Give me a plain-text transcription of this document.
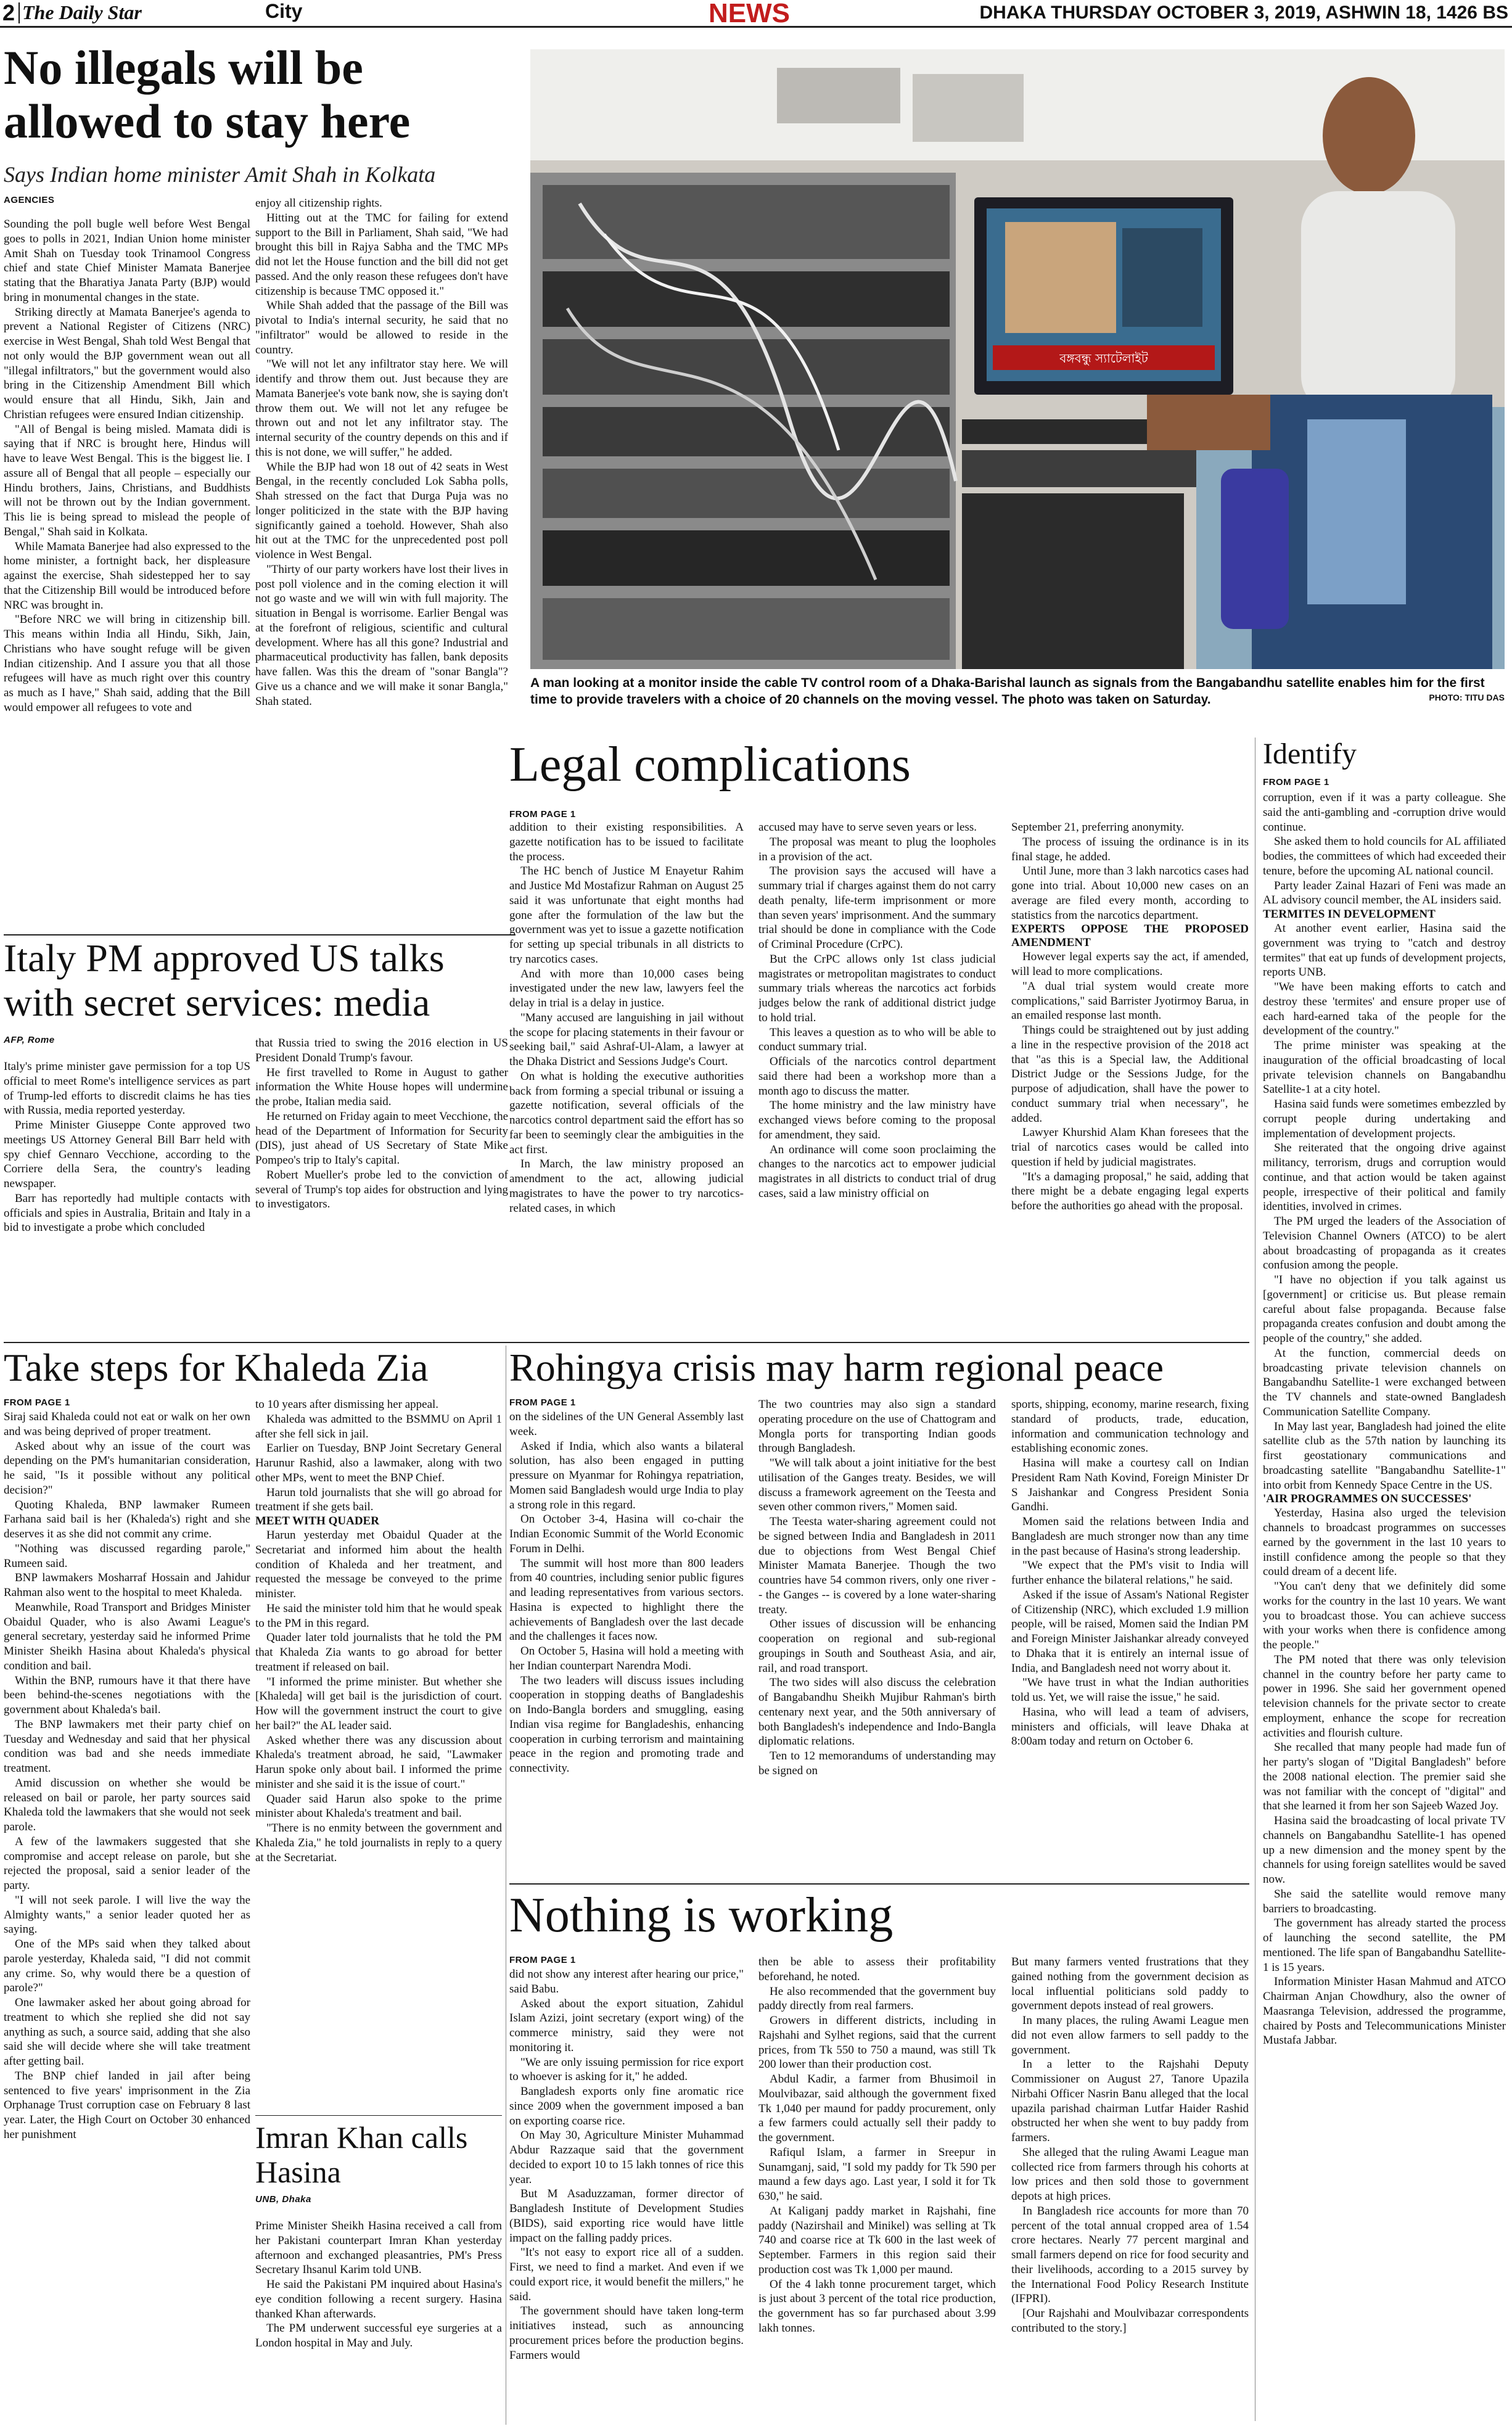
2 The Daily Star	City	NEWS	DHAKA THURSDAY OCTOBER 3, 2019, ASHWIN 18, 1426 BS
No illegals will be allowed to stay here
Says Indian home minister Amit Shah in Kolkata
AGENCIES

Sounding the poll bugle well before West Bengal goes to polls in 2021, Indian Union home minister Amit Shah on Tuesday took Trinamool Congress chief and state Chief Minister Mamata Banerjee stating that the Bharatiya Janata Party (BJP) would bring in monumental changes in the state.

Striking directly at Mamata Banerjee's agenda to prevent a National Register of Citizens (NRC) exercise in West Bengal, Shah told West Bengal that not only would the BJP government wean out all "illegal infiltrators," but the government would also bring in the Citizenship Amendment Bill which would ensure that all Hindu, Sikh, Jain and Christian refugees were ensured Indian citizenship.

"All of Bengal is being misled. Mamata didi is saying that if NRC is brought here, Hindus will have to leave West Bengal. This is the biggest lie. I assure all of Bengal that all people – especially our Hindu brothers, Jains, Christians, and Buddhists will not be thrown out by the Indian government. This lie is being spread to mislead the people of Bengal," Shah said in Kolkata.

While Mamata Banerjee had also expressed to the home minister, a fortnight back, her displeasure against the exercise, Shah sidestepped her to say that the Citizenship Bill would be introduced before NRC was brought in.

"Before NRC we will bring in citizenship bill. This means within India all Hindu, Sikh, Jain, Christians who have sought refuge will be given Indian citizenship. And I assure you that all those refugees will have as much right over this country as much as I have," Shah said, adding that the Bill would empower all refugees to vote and

enjoy all citizenship rights.

Hitting out at the TMC for failing for extend support to the Bill in Parliament, Shah said, "We had brought this bill in Rajya Sabha and the TMC MPs did not let the House function and the bill did not get passed. And the only reason these refugees don't have citizenship is because TMC opposed it."

While Shah added that the passage of the Bill was pivotal to India's internal security, he said that no "infiltrator" would be allowed to reside in the country.

"We will not let any infiltrator stay here. We will identify and throw them out. Just because they are Mamata Banerjee's vote bank now, she is saying don't throw them out. We will not let any refugee be thrown out and not let any infiltrator stay. The internal security of the country depends on this and if this is not done, we will suffer," he added.

While the BJP had won 18 out of 42 seats in West Bengal, in the recently concluded Lok Sabha polls, Shah stressed on the fact that Durga Puja was no longer politicized in the state with the BJP having significantly gained a toehold. However, Shah also hit out at the TMC for the unprecedented post poll violence in West Bengal.

"Thirty of our party workers have lost their lives in post poll violence and in the coming election it will not go waste and we will win with full majority. The situation in Bengal is worrisome. Earlier Bengal was at the forefront of religious, scientific and cultural development. Where has all this gone? Industrial and pharmaceutical productivity has fallen, bank deposits have fallen. Was this the dream of "sonar Bangla"? Give us a chance and we will make it sonar Bangla," Shah stated.

Italy PM approved US talks with secret services: media
AFP, Rome

Italy's prime minister gave permission for a top US official to meet Rome's intelligence services as part of Trump-led efforts to discredit claims he has ties with Russia, media reported yesterday.

Prime Minister Giuseppe Conte approved two meetings US Attorney General Bill Barr held with spy chief Gennaro Vecchione, according to the Corriere della Sera, the country's leading newspaper.

Barr has reportedly had multiple contacts with officials and spies in Australia, Britain and Italy in a bid to investigate a probe which concluded

that Russia tried to swing the 2016 election in US President Donald Trump's favour.

He first travelled to Rome in August to gather information the White House hopes will undermine the probe, Italian media said.

He returned on Friday again to meet Vecchione, the head of the Department of Information for Security (DIS), just ahead of US Secretary of State Mike Pompeo's trip to Italy's capital.

Robert Mueller's probe led to the conviction of several of Trump's top aides for obstruction and lying to investigators.

বঙ্গবন্ধু স্যাটেলাইট
A man looking at a monitor inside the cable TV control room of a Dhaka-Barishal launch as signals from the Bangabandhu satellite enables him for the first time to provide travelers with a choice of 20 channels on the moving vessel. The photo was taken on Saturday.	PHOTO: TITU DAS
Legal complications
FROM PAGE 1

addition to their existing responsibilities. A gazette notification has to be issued to facilitate the process.

The HC bench of Justice M Enayetur Rahim and Justice Md Mostafizur Rahman on August 25 said it was unfortunate that eight months had gone after the formulation of the law but the government was yet to issue a gazette notification for setting up special tribunals in all districts to try narcotics cases.

And with more than 10,000 cases being investigated under the new law, lawyers feel the delay in trial is a delay in justice.

"Many accused are languishing in jail without the scope for placing statements in their favour or seeking bail," said Ashraf-Ul-Alam, a lawyer at the Dhaka District and Sessions Judge's Court.

On what is holding the executive authorities back from forming a special tribunal or issuing a gazette notification, several officials of the narcotics control department said the effort has so far been to seemingly clear the ambiguities in the act first.

In March, the law ministry proposed an amendment to the act, allowing judicial magistrates to have the power to try narcotics-related cases, in which

accused may have to serve seven years or less.

The proposal was meant to plug the loopholes in a provision of the act.

The provision says the accused will have a summary trial if charges against them do not carry death penalty, life-term imprisonment or more than seven years' imprisonment. And the summary trial should be done in compliance with the Code of Criminal Procedure (CrPC).

But the CrPC allows only 1st class judicial magistrates or metropolitan magistrates to conduct summary trials whereas the narcotics act forbids judges below the rank of additional district judge to hold trial.

This leaves a question as to who will be able to conduct summary trial.

Officials of the narcotics control department said there had been a workshop more than a month ago to discuss the matter.

The home ministry and the law ministry have exchanged views before coming to the proposal for amendment, they said.

An ordinance will come soon proclaiming the changes to the narcotics act to empower judicial magistrates in all districts to conduct trial of drug cases, said a law ministry official on

September 21, preferring anonymity.

The process of issuing the ordinance is in its final stage, he added.

Until June, more than 3 lakh narcotics cases had gone into trial. About 10,000 new cases on an average are filed every month, according to statistics from the narcotics department.

EXPERTS OPPOSE THE PROPOSED AMENDMENT

However legal experts say the act, if amended, will lead to more complications.

"A dual trial system would create more complications," said Barrister Jyotirmoy Barua, in an emailed response last month.

Things could be straightened out by just adding a line in the respective provision of the 2018 act that "as this is a Special law, the Additional District Judge or the Sessions Judge, for the purpose of adjudication, shall have the power to conduct summary trial when necessary", he added.

Lawyer Khurshid Alam Khan foresees that the trial of narcotics cases would be called into question if held by judicial magistrates.

"It's a damaging proposal," he said, adding that there might be a debate engaging legal experts before the authorities go ahead with the proposal.

Identify
FROM PAGE 1

corruption, even if it was a party colleague. She said the anti-gambling and -corruption drive would continue.

She asked them to hold councils for AL affiliated bodies, the committees of which had exceeded their tenure, before the upcoming AL national council.

Party leader Zainal Hazari of Feni was made an AL advisory council member, the AL insiders said.

TERMITES IN DEVELOPMENT

At another event earlier, Hasina said the government was trying to "catch and destroy termites" that eat up funds of development projects, reports UNB.

"We have been making efforts to catch and destroy these 'termites' and ensure proper use of each hard-earned taka of the people for the development of the country."

The prime minister was speaking at the inauguration of the official broadcasting of local private television channels on Bangabandhu Satellite-1 at a city hotel.

Hasina said funds were sometimes embezzled by corrupt people during undertaking and implementation of development projects.

She reiterated that the ongoing drive against militancy, terrorism, drugs and corruption would continue, and that action would be taken against people, irrespective of their political and family identities, involved in crimes.

The PM urged the leaders of the Association of Television Channel Owners (ATCO) to be alert about broadcasting of propaganda as it creates confusion among the people.

"I have no objection if you talk against us [government] or criticise us. But please remain careful about false propaganda. Because false propaganda creates confusion and doubt among the people of the country," she added.

At the function, commercial deeds on broadcasting private television channels on Bangabandhu Satellite-1 were exchanged between the TV channels and state-owned Bangladesh Communication Satellite Company.

In May last year, Bangladesh had joined the elite satellite club as the 57th nation by launching its first geostationary communications and broadcasting satellite "Bangabandhu Satellite-1" into orbit from Kennedy Space Centre in the US.

'AIR PROGRAMMES ON SUCCESSES'

Yesterday, Hasina also urged the television channels to broadcast programmes on successes earned by the government in the last 10 years to instill confidence among the people so that they could dream of a decent life.

"You can't deny that we definitely did some works for the country in the last 10 years. We want you to broadcast those. You can achieve success with your works when there is confidence among the people."

The PM noted that there was only television channel in the country before her party came to power in 1996. She said her government opened television channels for the private sector to create employment, enhance the scope for recreation activities and flourish culture.

She recalled that many people had made fun of her party's slogan of "Digital Bangladesh" before the 2008 national election. The premier said she was not familiar with the concept of "digital" and that she learned it from her son Sajeeb Wazed Joy.

Hasina said the broadcasting of local private TV channels on Bangabandhu Satellite-1 has opened up a new dimension and the money spent by the channels for using foreign satellites would be saved now.

She said the satellite would remove many barriers to broadcasting.

The government has already started the process of launching the second satellite, the PM mentioned. The life span of Bangabandhu Satellite-1 is 15 years.

Information Minister Hasan Mahmud and ATCO Chairman Anjan Chowdhury, also the owner of Maasranga Television, addressed the programme, chaired by Posts and Telecommunications Minister Mustafa Jabbar.

Take steps for Khaleda Zia
FROM PAGE 1

Siraj said Khaleda could not eat or walk on her own and was being deprived of proper treatment.

Asked about why an issue of the court was depending on the PM's humanitarian consideration, he said, "Is it possible without any political decision?"

Quoting Khaleda, BNP lawmaker Rumeen Farhana said bail is her (Khaleda's) right and she deserves it as she did not commit any crime.

"Nothing was discussed regarding parole," Rumeen said.

BNP lawmakers Mosharraf Hossain and Jahidur Rahman also went to the hospital to meet Khaleda.

Meanwhile, Road Transport and Bridges Minister Obaidul Quader, who is also Awami League's general secretary, yesterday said he informed Prime Minister Sheikh Hasina about Khaleda's physical condition and bail.

Within the BNP, rumours have it that there have been behind-the-scenes negotiations with the government about Khaleda's bail.

The BNP lawmakers met their party chief on Tuesday and Wednesday and said that her physical condition was bad and she needs immediate treatment.

Amid discussion on whether she would be released on bail or parole, her party sources said Khaleda told the lawmakers that she would not seek parole.

A few of the lawmakers suggested that she compromise and accept release on parole, but she rejected the proposal, said a senior leader of the party.

"I will not seek parole. I will live the way the Almighty wants," a senior leader quoted her as saying.

One of the MPs said when they talked about parole yesterday, Khaleda said, "I did not commit any crime. So, why would there be a question of parole?"

One lawmaker asked her about going abroad for treatment to which she replied she did not say anything as such, a source said, adding that she also said she will decide where she will take treatment after getting bail.

The BNP chief landed in jail after being sentenced to five years' imprisonment in the Zia Orphanage Trust corruption case on February 8 last year. Later, the High Court on October 30 enhanced her punishment

to 10 years after dismissing her appeal.

Khaleda was admitted to the BSMMU on April 1 after she fell sick in jail.

Earlier on Tuesday, BNP Joint Secretary General Harunur Rashid, also a lawmaker, along with two other MPs, went to meet the BNP Chief.

Harun told journalists that she will go abroad for treatment if she gets bail.

MEET WITH QUADER

Harun yesterday met Obaidul Quader at the Secretariat and informed him about the health condition of Khaleda and her treatment, and requested the message be conveyed to the prime minister.

He said the minister told him that he would speak to the PM in this regard.

Quader later told journalists that he told the PM that Khaleda Zia wants to go abroad for better treatment if released on bail.

"I informed the prime minister. But whether she [Khaleda] will get bail is the jurisdiction of court. How will the government instruct the court to give her bail?" the AL leader said.

Asked whether there was any discussion about Khaleda's treatment abroad, he said, "Lawmaker Harun spoke only about bail. I informed the prime minister and she said it is the issue of court."

Quader said Harun also spoke to the prime minister about Khaleda's treatment and bail.

"There is no enmity between the government and Khaleda Zia," he told journalists in reply to a query at the Secretariat.

Imran Khan calls Hasina
UNB, Dhaka

Prime Minister Sheikh Hasina received a call from her Pakistani counterpart Imran Khan yesterday afternoon and exchanged pleasantries, PM's Press Secretary Ihsanul Karim told UNB.

He said the Pakistani PM inquired about Hasina's eye condition following a recent surgery. Hasina thanked Khan afterwards.

The PM underwent successful eye surgeries at a London hospital in May and July.

Rohingya crisis may harm regional peace
FROM PAGE 1

on the sidelines of the UN General Assembly last week.

Asked if India, which also wants a bilateral solution, has also been engaged in putting pressure on Myanmar for Rohingya repatriation, Momen said Bangladesh would urge India to play a strong role in this regard.

On October 3-4, Hasina will co-chair the Indian Economic Summit of the World Economic Forum in Delhi.

The summit will host more than 800 leaders from 40 countries, including senior public figures and leading representatives from various sectors. Hasina is expected to highlight there the achievements of Bangladesh over the last decade and the challenges it faces now.

On October 5, Hasina will hold a meeting with her Indian counterpart Narendra Modi.

The two leaders will discuss issues including cooperation in stopping deaths of Bangladeshis on Indo-Bangla borders and smuggling, easing Indian visa regime for Bangladeshis, enhancing cooperation in curbing terrorism and maintaining peace in the region and promoting trade and connectivity.

The two countries may also sign a standard operating procedure on the use of Chattogram and Mongla ports for transporting Indian goods through Bangladesh.

"We will talk about a joint initiative for the best utilisation of the Ganges treaty. Besides, we will discuss a framework agreement on the Teesta and seven other common rivers," Momen said.

The Teesta water-sharing agreement could not be signed between India and Bangladesh in 2011 due to objections from West Bengal Chief Minister Mamata Banerjee. Though the two countries have 54 common rivers, only one river -- the Ganges -- is covered by a lone water-sharing treaty.

Other issues of discussion will be enhancing cooperation on regional and sub-regional groupings in South and Southeast Asia, and air, rail, and road transport.

The two sides will also discuss the celebration of Bangabandhu Sheikh Mujibur Rahman's birth centenary next year, and the 50th anniversary of both Bangladesh's independence and Indo-Bangla diplomatic relations.

Ten to 12 memorandums of understanding may be signed on

sports, shipping, economy, marine research, fixing standard of products, trade, education, information and communication technology and establishing economic zones.

Hasina will make a courtesy call on Indian President Ram Nath Kovind, Foreign Minister Dr S Jaishankar and Congress President Sonia Gandhi.

Momen said the relations between India and Bangladesh are much stronger now than any time in the past because of Hasina's strong leadership.

"We expect that the PM's visit to India will further enhance the bilateral relations," he said.

Asked if the issue of Assam's National Register of Citizenship (NRC), which excluded 1.9 million people, will be raised, Momen said the Indian PM and Foreign Minister Jaishankar already conveyed to Dhaka that it is entirely an internal issue of India, and Bangladesh need not worry about it.

"We have trust in what the Indian authorities told us. Yet, we will raise the issue," he said.

Hasina, who will lead a team of advisers, ministers and officials, will leave Dhaka at 8:00am today and return on October 6.

Nothing is working
FROM PAGE 1

did not show any interest after hearing our price," said Babu.

Asked about the export situation, Zahidul Islam Azizi, joint secretary (export wing) of the commerce ministry, said they were not monitoring it.

"We are only issuing permission for rice export to whoever is asking for it," he added.

Bangladesh exports only fine aromatic rice since 2009 when the government imposed a ban on exporting coarse rice.

On May 30, Agriculture Minister Muhammad Abdur Razzaque said that the government decided to export 10 to 15 lakh tonnes of rice this year.

But M Asaduzzaman, former director of Bangladesh Institute of Development Studies (BIDS), said exporting rice would have little impact on the falling paddy prices.

"It's not easy to export rice all of a sudden. First, we need to find a market. And even if we could export rice, it would benefit the millers," he said.

The government should have taken long-term initiatives instead, such as announcing procurement prices before the production begins. Farmers would

then be able to assess their profitability beforehand, he noted.

He also recommended that the government buy paddy directly from real farmers.

Growers in different districts, including in Rajshahi and Sylhet regions, said that the current prices, from Tk 550 to 750 a maund, was still Tk 200 lower than their production cost.

Abdul Kadir, a farmer from Bhusimoil in Moulvibazar, said although the government fixed Tk 1,040 per maund for paddy procurement, only a few farmers could actually sell their paddy to the government.

Rafiqul Islam, a farmer in Sreepur in Sunamganj, said, "I sold my paddy for Tk 590 per maund a few days ago. Last year, I sold it for Tk 630," he said.

At Kaliganj paddy market in Rajshahi, fine paddy (Nazirshail and Minikel) was selling at Tk 740 and coarse rice at Tk 600 in the last week of September. Farmers in this region said their production cost was Tk 1,000 per maund.

Of the 4 lakh tonne procurement target, which is just about 3 percent of the total rice production, the government has so far purchased about 3.99 lakh tonnes.

But many farmers vented frustrations that they gained nothing from the government decision as local influential politicians sold paddy to government depots instead of real growers.

In many places, the ruling Awami League men did not even allow farmers to sell paddy to the government.

In a letter to the Rajshahi Deputy Commissioner on August 27, Tanore Upazila Nirbahi Officer Nasrin Banu alleged that the local upazila parishad chairman Lutfar Haider Rashid obstructed her when she went to buy paddy from farmers.

She alleged that the ruling Awami League man collected rice from farmers through his cohorts at low prices and then sold those to government depots at high prices.

In Bangladesh rice accounts for more than 70 percent of the total annual cropped area of 1.54 crore hectares. Nearly 77 percent marginal and small farmers depend on rice for food security and their livelihoods, according to a 2015 survey by the International Food Policy Research Institute (IFPRI).

[Our Rajshahi and Moulvibazar correspondents contributed to the story.]
